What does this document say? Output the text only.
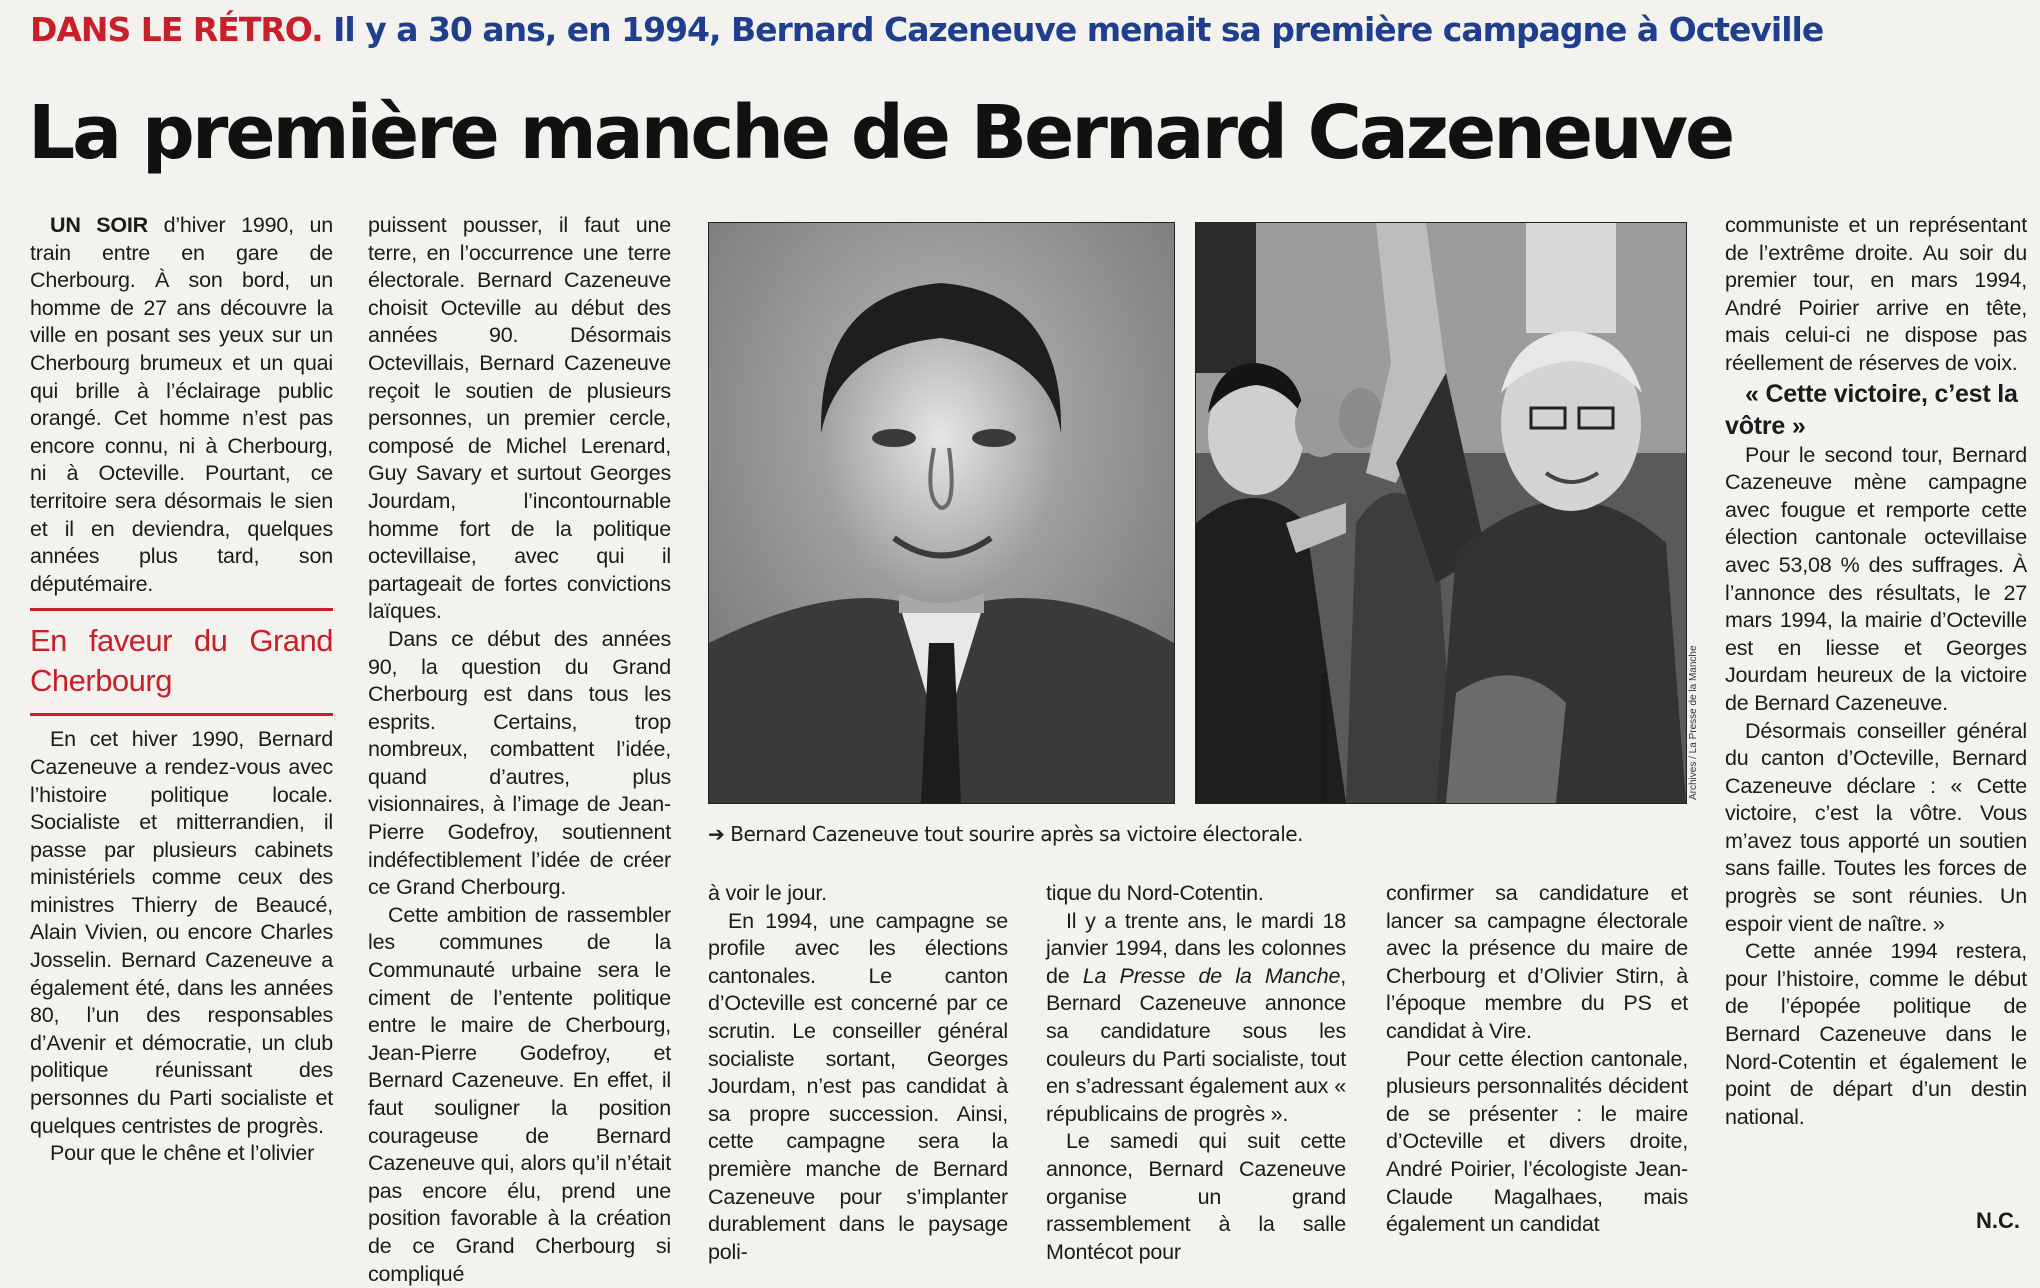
DANS LE RÉTRO. Il y a 30 ans, en 1994, Bernard Cazeneuve menait sa première campagne à Octeville
La première manche de Bernard Cazeneuve

UN SOIR d’hiver 1990, un train entre en gare de Cherbourg. À son bord, un homme de 27 ans découvre la ville en posant ses yeux sur un Cherbourg brumeux et un quai qui brille à l’éclairage public orangé. Cet homme n’est pas encore connu, ni à Cherbourg, ni à Octeville. Pourtant, ce territoire sera désormais le sien et il en deviendra, quelques années plus tard, son députémaire.

En faveur du Grand Cherbourg

En cet hiver 1990, Bernard Cazeneuve a rendez-vous avec l’histoire politique locale. Socialiste et mitterrandien, il passe par plusieurs cabinets ministériels comme ceux des ministres Thierry de Beaucé, Alain Vivien, ou encore Charles Josselin. Bernard Cazeneuve a également été, dans les années 80, l’un des responsables d’Avenir et démocratie, un club politique réunissant des personnes du Parti socialiste et quelques centristes de progrès.

Pour que le chêne et l’olivier

puissent pousser, il faut une terre, en l’occurrence une terre électorale. Bernard Cazeneuve choisit Octeville au début des années 90. Désormais Octevillais, Bernard Cazeneuve reçoit le soutien de plusieurs personnes, un premier cercle, composé de Michel Lerenard, Guy Savary et surtout Georges Jourdam, l’incontournable homme fort de la politique octevillaise, avec qui il partageait de fortes convictions laïques.

Dans ce début des années 90, la question du Grand Cherbourg est dans tous les esprits. Certains, trop nombreux, combattent l’idée, quand d’autres, plus visionnaires, à l’image de Jean-Pierre Godefroy, soutiennent indéfectiblement l’idée de créer ce Grand Cherbourg.

Cette ambition de rassembler les communes de la Communauté urbaine sera le ciment de l’entente politique entre le maire de Cherbourg, Jean-Pierre Godefroy, et Bernard Cazeneuve. En effet, il faut souligner la position courageuse de Bernard Cazeneuve qui, alors qu’il n’était pas encore élu, prend une position favorable à la création de ce Grand Cherbourg si compliqué

Archives / La Presse de la Manche
➔ Bernard Cazeneuve tout sourire après sa victoire électorale.

à voir le jour.

En 1994, une campagne se profile avec les élections cantonales. Le canton d’Octeville est concerné par ce scrutin. Le conseiller général socialiste sortant, Georges Jourdam, n’est pas candidat à sa propre succession. Ainsi, cette campagne sera la première manche de Bernard Cazeneuve pour s’implanter durablement dans le paysage poli-

tique du Nord-Cotentin.

Il y a trente ans, le mardi 18 janvier 1994, dans les colonnes de La Presse de la Manche, Bernard Cazeneuve annonce sa candidature sous les couleurs du Parti socialiste, tout en s’adressant également aux « républicains de progrès ».

Le samedi qui suit cette annonce, Bernard Cazeneuve organise un grand rassemblement à la salle Montécot pour

confirmer sa candidature et lancer sa campagne électorale avec la présence du maire de Cherbourg et d’Olivier Stirn, à l’époque membre du PS et candidat à Vire.

Pour cette élection cantonale, plusieurs personnalités décident de se présenter : le maire d’Octeville et divers droite, André Poirier, l’écologiste Jean-Claude Magalhaes, mais également un candidat

communiste et un représentant de l’extrême droite. Au soir du premier tour, en mars 1994, André Poirier arrive en tête, mais celui-ci ne dispose pas réellement de réserves de voix.

« Cette victoire, c’est la vôtre »

Pour le second tour, Bernard Cazeneuve mène campagne avec fougue et remporte cette élection cantonale octevillaise avec 53,08 % des suffrages. À l’annonce des résultats, le 27 mars 1994, la mairie d’Octeville est en liesse et Georges Jourdam heureux de la victoire de Bernard Cazeneuve.

Désormais conseiller général du canton d’Octeville, Bernard Cazeneuve déclare : « Cette victoire, c’est la vôtre. Vous m’avez tous apporté un soutien sans faille. Toutes les forces de progrès se sont réunies. Un espoir vient de naître. »

Cette année 1994 restera, pour l’histoire, comme le début de l’épopée politique de Bernard Cazeneuve dans le Nord-Cotentin et également le point de départ d’un destin national.

N.C.
